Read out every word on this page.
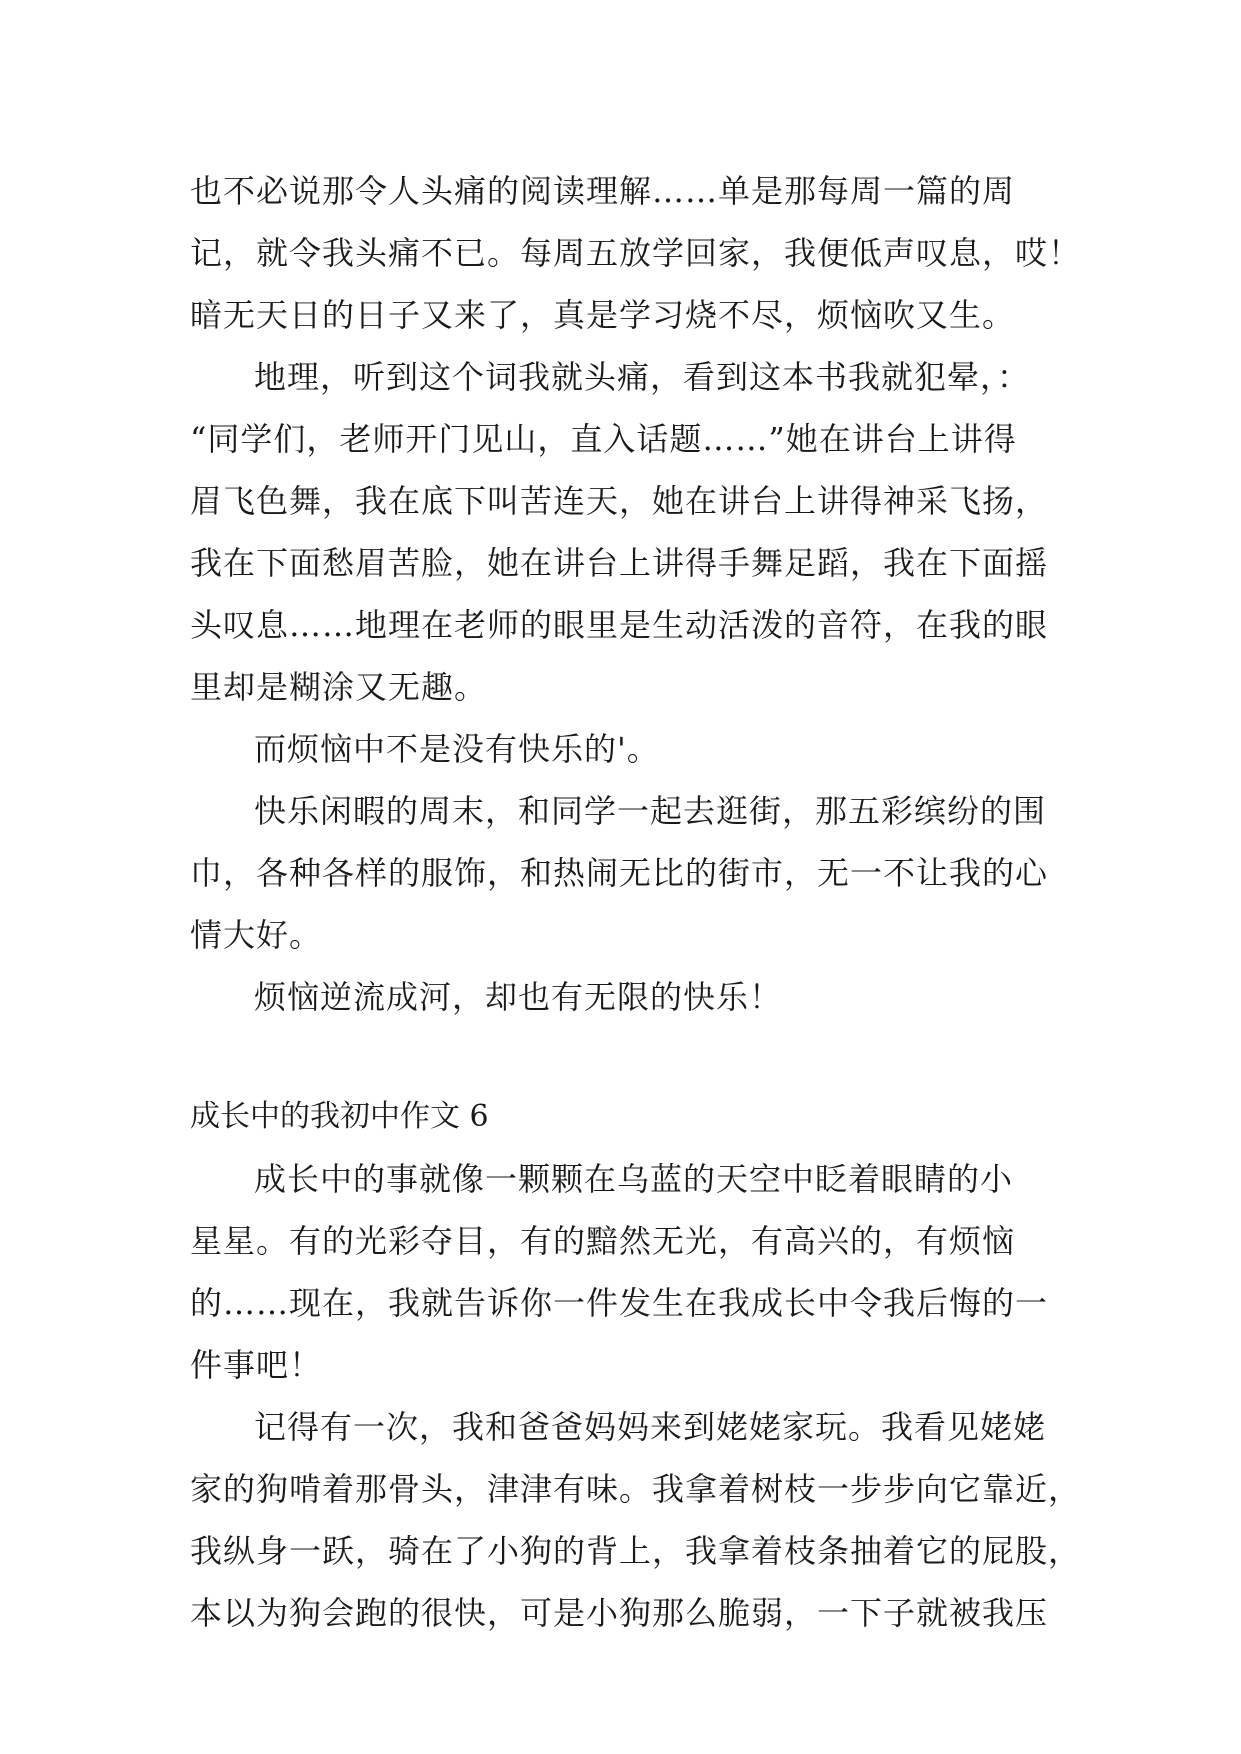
也不必说那令人头痛的阅读理解……单是那每周一篇的周
记，就令我头痛不已。每周五放学回家，我便低声叹息，哎！
暗无天日的日子又来了，真是学习烧不尽，烦恼吹又生。
地理，听到这个词我就头痛，看到这本书我就犯晕，：
“同学们，老师开门见山，直入话题……”她在讲台上讲得
眉飞色舞，我在底下叫苦连天，她在讲台上讲得神采飞扬，
我在下面愁眉苦脸，她在讲台上讲得手舞足蹈，我在下面摇
头叹息……地理在老师的眼里是生动活泼的音符，在我的眼
里却是糊涂又无趣。
而烦恼中不是没有快乐的'。
快乐闲暇的周末，和同学一起去逛街，那五彩缤纷的围
巾，各种各样的服饰，和热闹无比的街市，无一不让我的心
情大好。
烦恼逆流成河，却也有无限的快乐！
成长中的我初中作文 6
成长中的事就像一颗颗在乌蓝的天空中眨着眼睛的小
星星。有的光彩夺目，有的黯然无光，有高兴的，有烦恼
的……现在，我就告诉你一件发生在我成长中令我后悔的一
件事吧！
记得有一次，我和爸爸妈妈来到姥姥家玩。我看见姥姥
家的狗啃着那骨头，津津有味。我拿着树枝一步步向它靠近，
我纵身一跃，骑在了小狗的背上，我拿着枝条抽着它的屁股，
本以为狗会跑的很快，可是小狗那么脆弱，一下子就被我压
